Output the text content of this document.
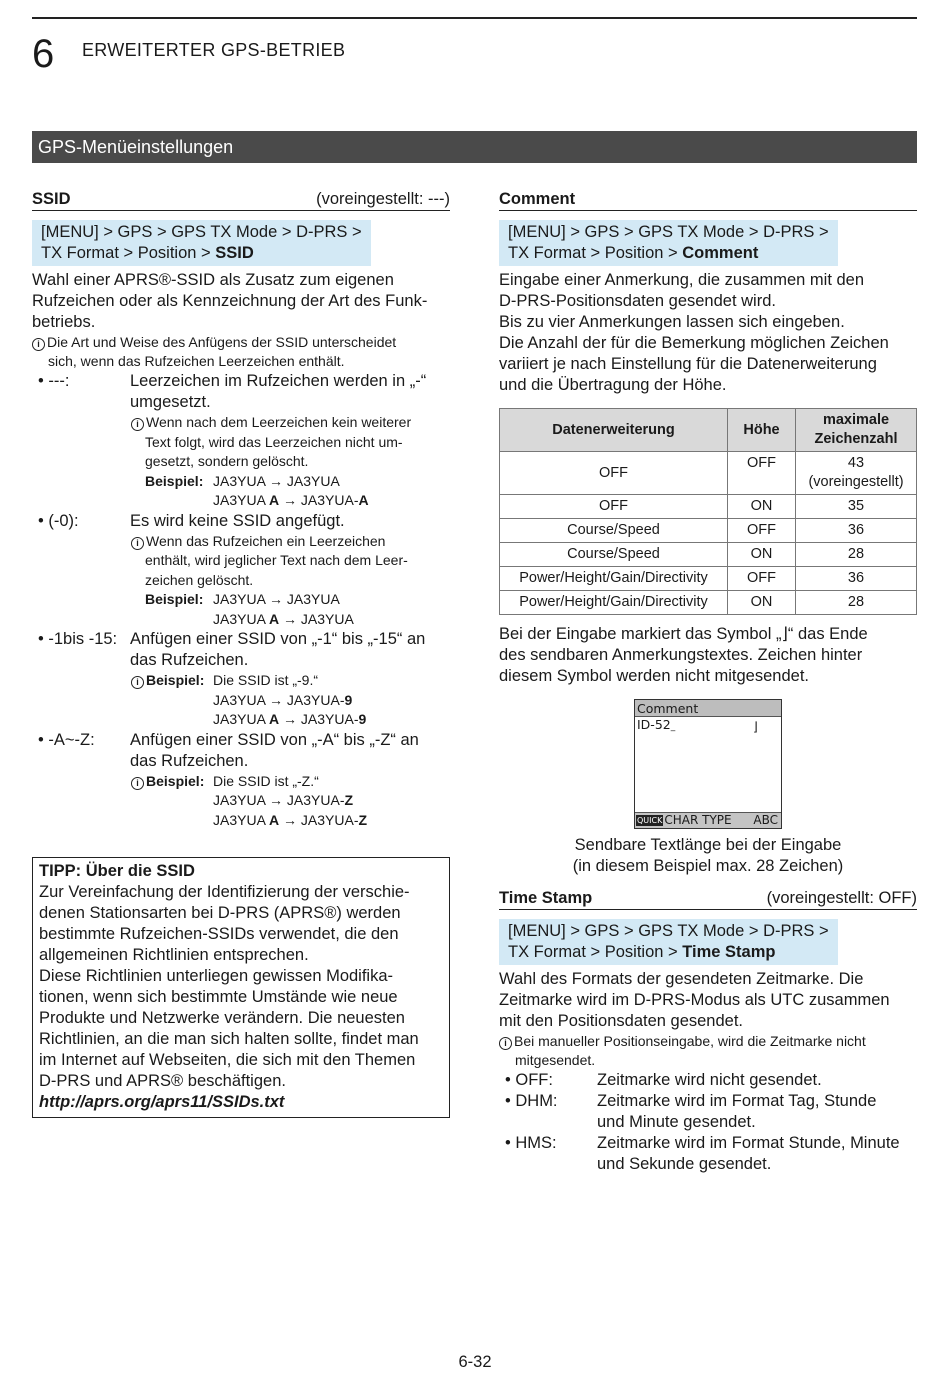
6 ERWEITERTER GPS-BETRIEB
GPS-Menüeinstellungen
SSID	(voreingestellt: ---)
[MENU] > GPS > GPS TX Mode > D-PRS >
TX Format > Position > SSID
Wahl einer APRS®-SSID als Zusatz zum eigenen
Rufzeichen oder als Kennzeichnung der Art des Funk-
betriebs.
i Die Art und Weise des Anfügens der SSID unterscheidet
sich, wenn das Rufzeichen Leerzeichen enthält.
• ---:	Leerzeichen im Rufzeichen werden in „-“
umgesetzt.
i Wenn nach dem Leerzeichen kein weiterer
Text folgt, wird das Leerzeichen nicht um-
gesetzt, sondern gelöscht.
Beispiel: JA3YUA → JA3YUA
JA3YUA A → JA3YUA-A
• (-0):	Es wird keine SSID angefügt.
i Wenn das Rufzeichen ein Leerzeichen
enthält, wird jeglicher Text nach dem Leer-
zeichen gelöscht.
Beispiel: JA3YUA → JA3YUA
JA3YUA A → JA3YUA
• -1bis -15: Anfügen einer SSID von „-1“ bis „-15“ an
das Rufzeichen.
i Beispiel: Die SSID ist „-9.“
JA3YUA → JA3YUA-9
JA3YUA A → JA3YUA-9
• -A~-Z:	Anfügen einer SSID von „-A“ bis „-Z“ an
das Rufzeichen.
i Beispiel: Die SSID ist „-Z.“
JA3YUA → JA3YUA-Z
JA3YUA A → JA3YUA-Z
TIPP: Über die SSID
Zur Vereinfachung der Identifizierung der verschie-
denen Stationsarten bei D-PRS (APRS®) werden
bestimmte Rufzeichen-SSIDs verwendet, die den
allgemeinen Richtlinien entsprechen.
Diese Richtlinien unterliegen gewissen Modifika-
tionen, wenn sich bestimmte Umstände wie neue
Produkte und Netzwerke verändern. Die neuesten
Richtlinien, an die man sich halten sollte, findet man
im Internet auf Webseiten, die sich mit den Themen
D-PRS und APRS® beschäftigen.
http://aprs.org/aprs11/SSIDs.txt
Comment
[MENU] > GPS > GPS TX Mode > D-PRS >
TX Format > Position > Comment
Eingabe einer Anmerkung, die zusammen mit den
D-PRS-Positionsdaten gesendet wird.
Bis zu vier Anmerkungen lassen sich eingeben.
Die Anzahl der für die Bemerkung möglichen Zeichen
variiert je nach Einstellung für die Datenerweiterung
und die Übertragung der Höhe.
Datenerweiterung	Höhe	maximale
Zeichenzahl

OFF	OFF	43
(voreingestellt)

OFF	ON	35
Course/Speed	OFF	36
Course/Speed	ON	28
Power/Height/Gain/Directivity	OFF	36
Power/Height/Gain/Directivity	ON	28
Bei der Eingabe markiert das Symbol „⌋“ das Ende
des sendbaren Anmerkungstextes. Zeichen hinter
diesem Symbol werden nicht mitgesendet.
Comment
ID-52_	⌋
QUICK CHAR TYPE ABC
Sendbare Textlänge bei der Eingabe
(in diesem Beispiel max. 28 Zeichen)
Time Stamp	(voreingestellt: OFF)
[MENU] > GPS > GPS TX Mode > D-PRS >
TX Format > Position > Time Stamp
Wahl des Formats der gesendeten Zeitmarke. Die
Zeitmarke wird im D-PRS-Modus als UTC zusammen
mit den Positionsdaten gesendet.
i Bei manueller Positionseingabe, wird die Zeitmarke nicht
mitgesendet.
• OFF:	Zeitmarke wird nicht gesendet.
• DHM:	Zeitmarke wird im Format Tag, Stunde
und Minute gesendet.
• HMS:	Zeitmarke wird im Format Stunde, Minute
und Sekunde gesendet.
6-32
